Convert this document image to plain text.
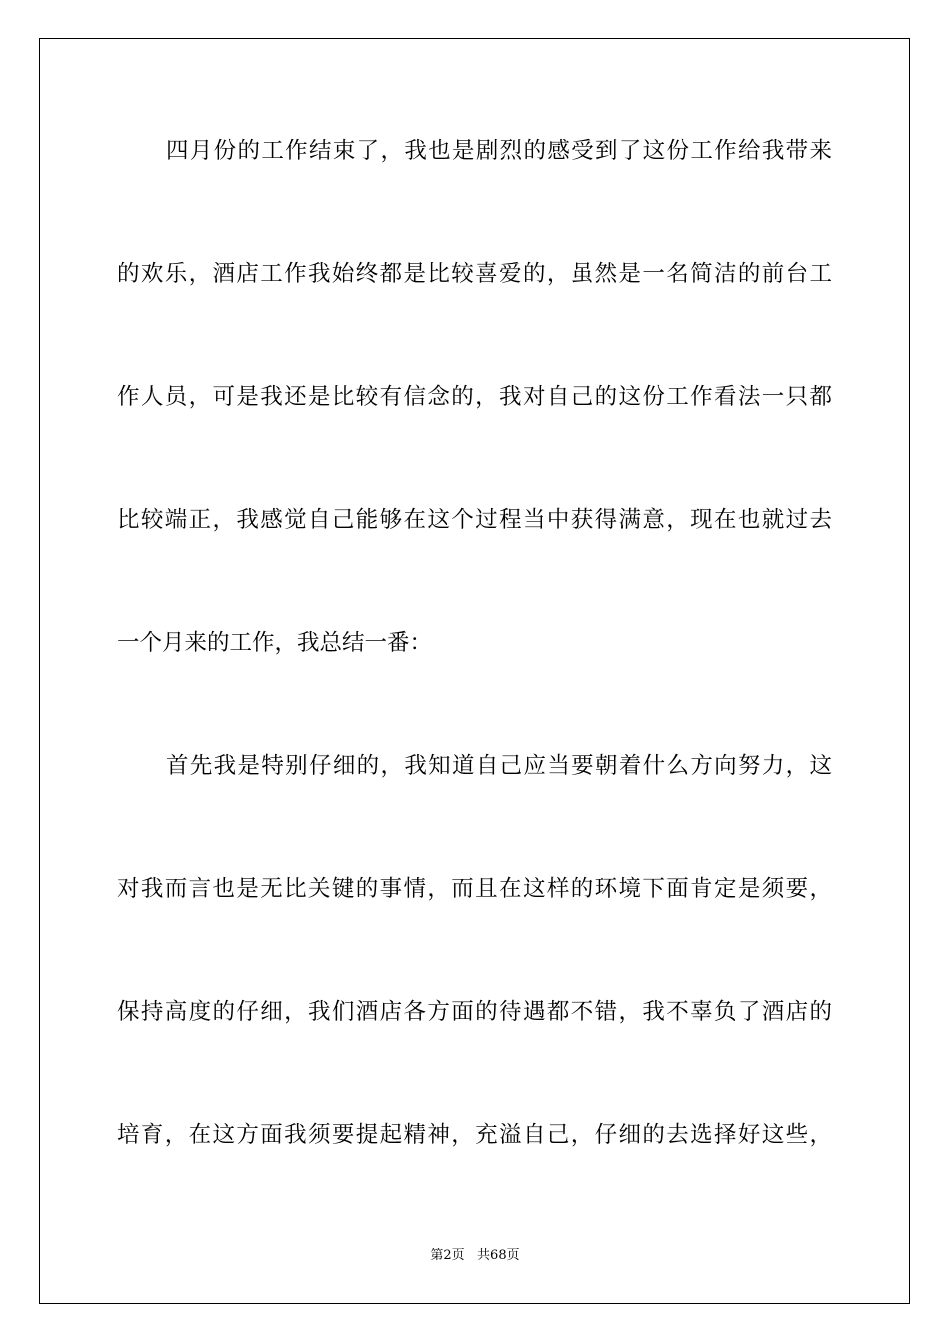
四月份的工作结束了，我也是剧烈的感受到了这份工作给我带来
的欢乐，酒店工作我始终都是比较喜爱的，虽然是一名简洁的前台工
作人员，可是我还是比较有信念的，我对自己的这份工作看法一只都
比较端正，我感觉自己能够在这个过程当中获得满意，现在也就过去
一个月来的工作，我总结一番：
首先我是特别仔细的，我知道自己应当要朝着什么方向努力，这
对我而言也是无比关键的事情，而且在这样的环境下面肯定是须要，
保持高度的仔细，我们酒店各方面的待遇都不错，我不辜负了酒店的
培育，在这方面我须要提起精神，充溢自己，仔细的去选择好这些，
第2页   共68页
